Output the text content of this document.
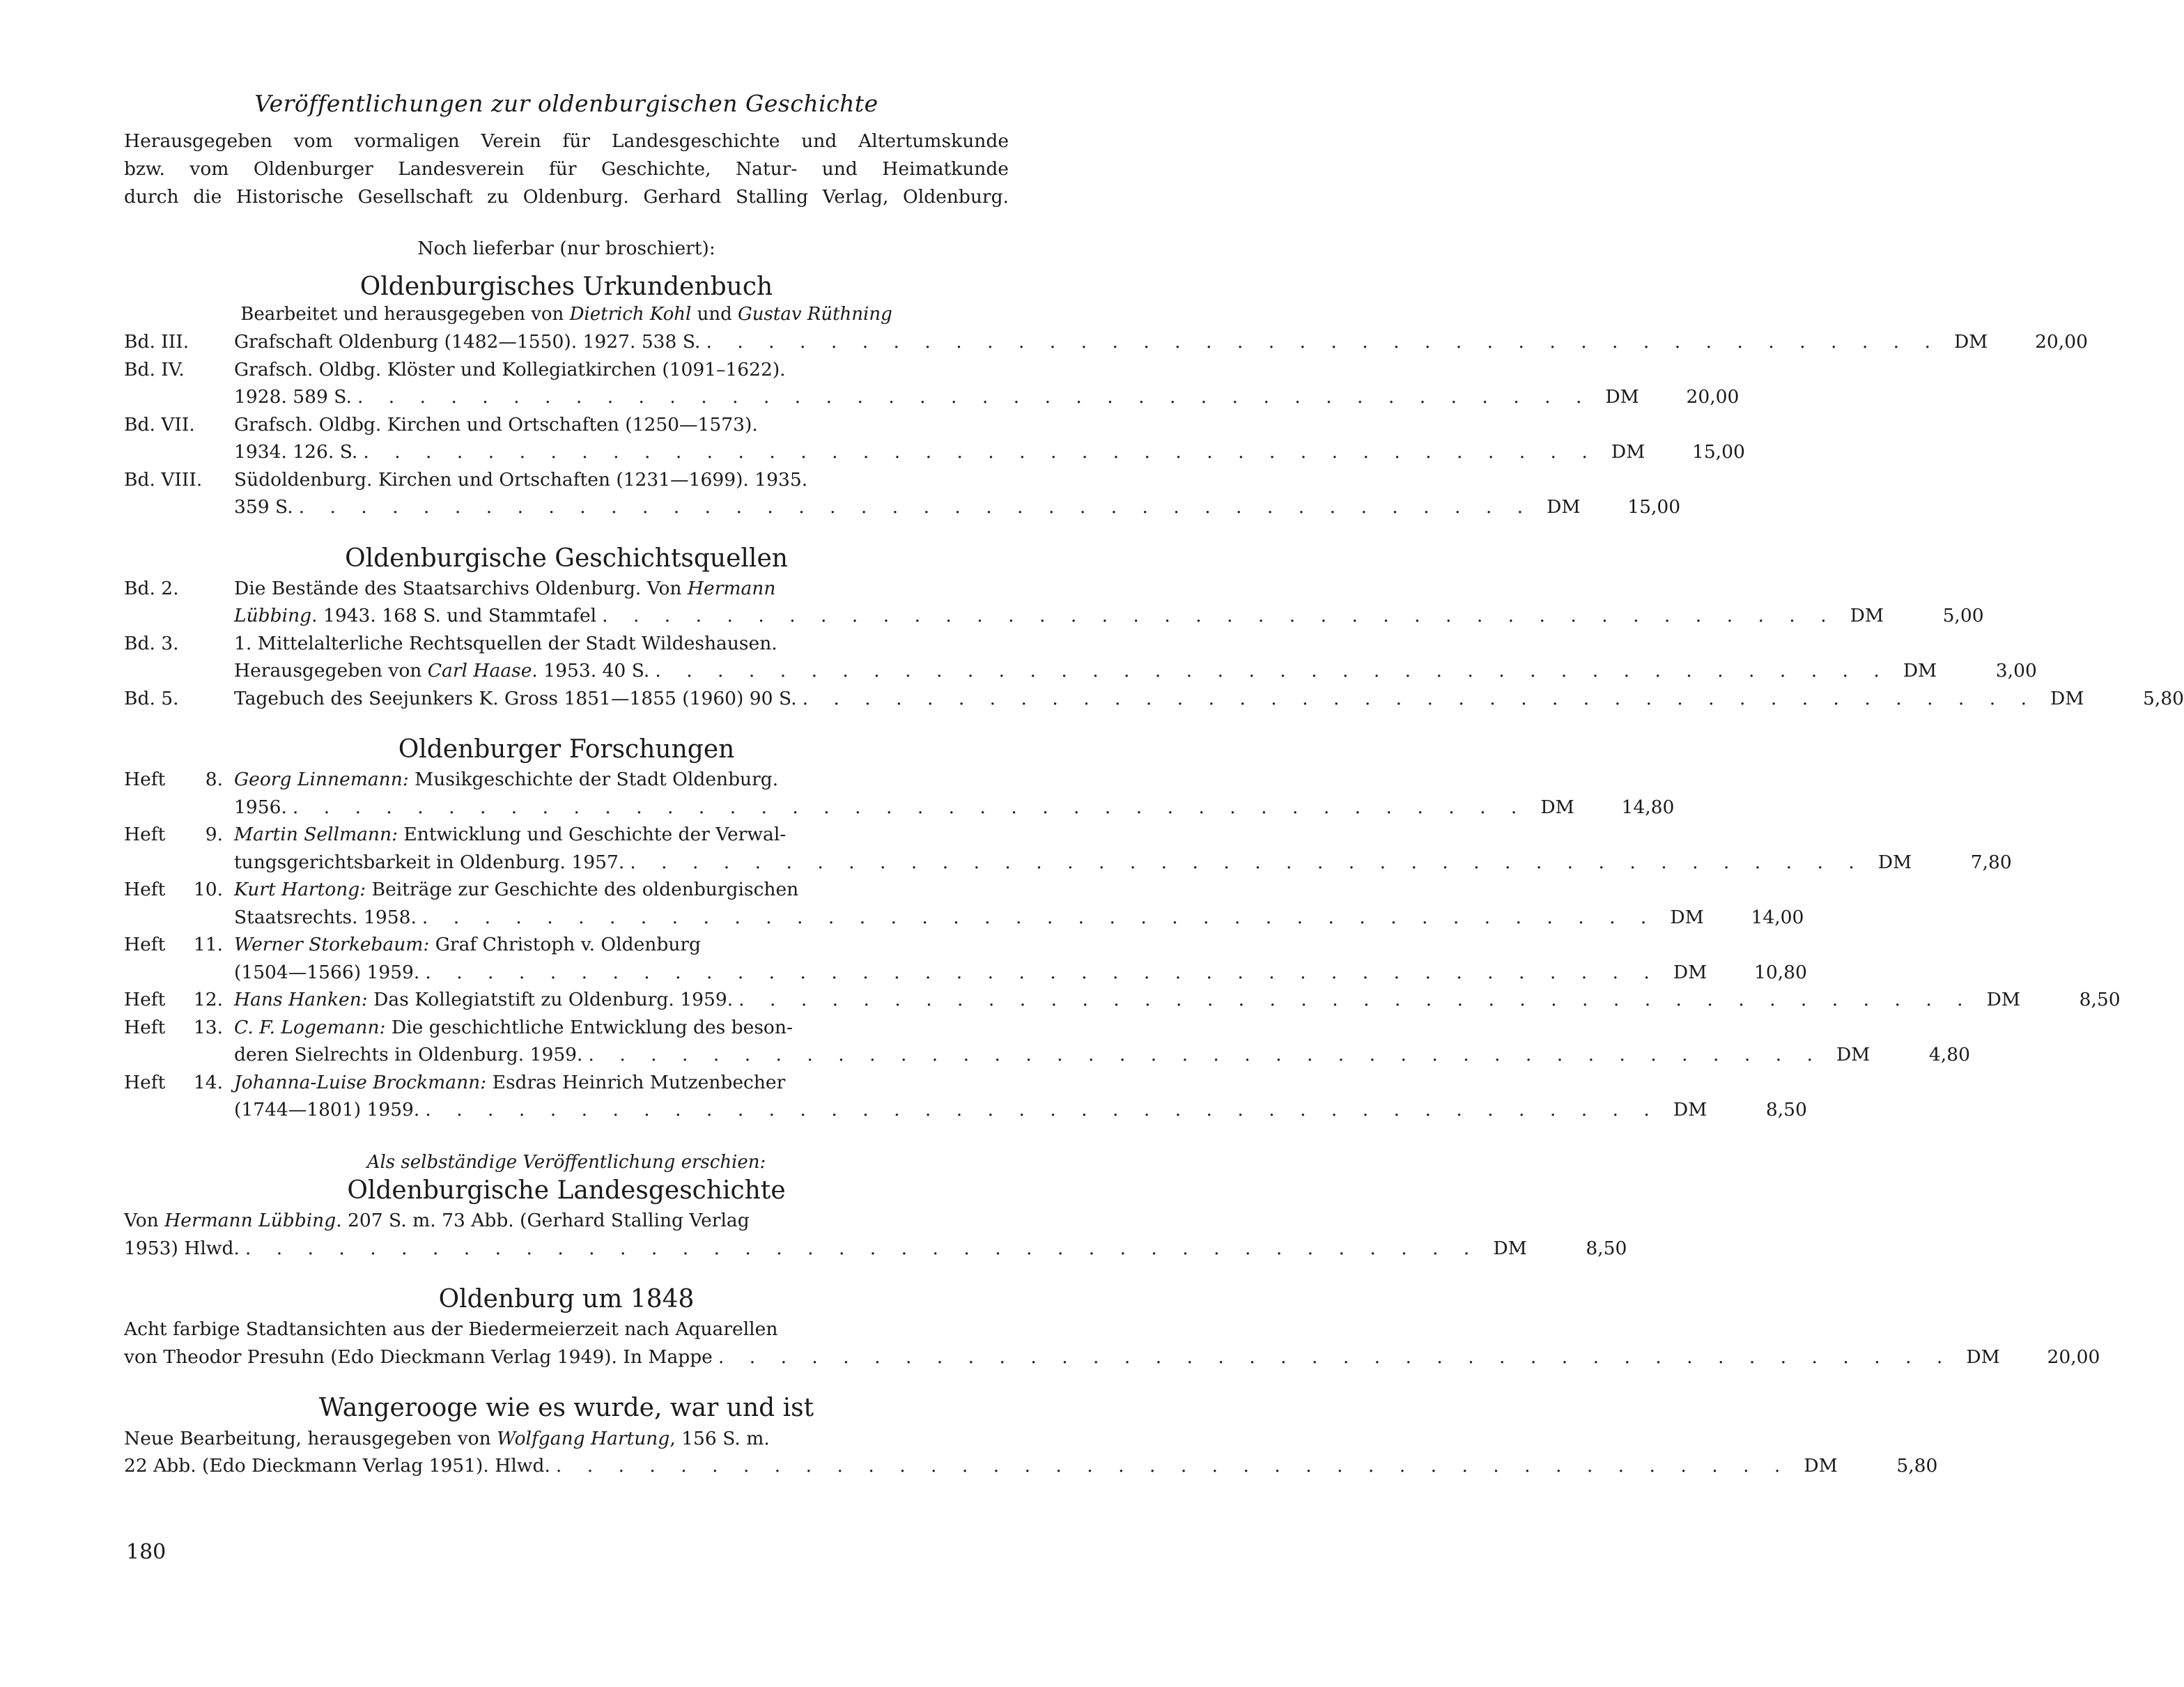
Veröffentlichungen zur oldenburgischen Geschichte
Herausgegeben vom vormaligen Verein für Landesgeschichte und Altertumskunde
bzw. vom Oldenburger Landesverein für Geschichte, Natur- und Heimatkunde
durch die Historische Gesellschaft zu Oldenburg. Gerhard Stalling Verlag, Oldenburg.
Noch lieferbar (nur broschiert):
Oldenburgisches Urkundenbuch
Bearbeitet und herausgegeben von Dietrich Kohl und Gustav Rüthning
Bd. III.	Grafschaft Oldenburg (1482—1550). 1927. 538 S. . . . . . . . . . . . . . . . . . . . . . . . . . . . . . . . . . . . . . . . . DM	20,00
Bd. IV.	Grafsch. Oldbg. Klöster und Kollegiatkirchen (1091–1622).
1928. 589 S. . . . . . . . . . . . . . . . . . . . . . . . . . . . . . . . . . . . . . . . . DM	20,00
Bd. VII.	Grafsch. Oldbg. Kirchen und Ortschaften (1250—1573).
1934. 126. S. . . . . . . . . . . . . . . . . . . . . . . . . . . . . . . . . . . . . . . . . DM	15,00
Bd. VIII.	Südoldenburg. Kirchen und Ortschaften (1231—1699). 1935.
359 S. . . . . . . . . . . . . . . . . . . . . . . . . . . . . . . . . . . . . . . . . DM	15,00
Oldenburgische Geschichtsquellen
Bd. 2.	Die Bestände des Staatsarchivs Oldenburg. Von Hermann
Lübbing. 1943. 168 S. und Stammtafel . . . . . . . . . . . . . . . . . . . . . . . . . . . . . . . . . . . . . . . . DM	5,00
Bd. 3.	1. Mittelalterliche Rechtsquellen der Stadt Wildeshausen.
Herausgegeben von Carl Haase. 1953. 40 S. . . . . . . . . . . . . . . . . . . . . . . . . . . . . . . . . . . . . . . . . DM	3,00
Bd. 5.	Tagebuch des Seejunkers K. Gross 1851—1855 (1960) 90 S. . . . . . . . . . . . . . . . . . . . . . . . . . . . . . . . . . . . . . . . . DM	5,80
Oldenburger Forschungen
Heft	8. Georg Linnemann: Musikgeschichte der Stadt Oldenburg.
1956. . . . . . . . . . . . . . . . . . . . . . . . . . . . . . . . . . . . . . . . . DM	14,80
Heft	9. Martin Sellmann: Entwicklung und Geschichte der Verwal-
tungsgerichtsbarkeit in Oldenburg. 1957. . . . . . . . . . . . . . . . . . . . . . . . . . . . . . . . . . . . . . . . . DM	7,80
Heft	10. Kurt Hartong: Beiträge zur Geschichte des oldenburgischen
Staatsrechts. 1958. . . . . . . . . . . . . . . . . . . . . . . . . . . . . . . . . . . . . . . . . DM	14,00
Heft	11. Werner Storkebaum: Graf Christoph v. Oldenburg
(1504—1566) 1959. . . . . . . . . . . . . . . . . . . . . . . . . . . . . . . . . . . . . . . . . DM	10,80
Heft	12. Hans Hanken: Das Kollegiatstift zu Oldenburg. 1959. . . . . . . . . . . . . . . . . . . . . . . . . . . . . . . . . . . . . . . . . DM	8,50
Heft	13. C. F. Logemann: Die geschichtliche Entwicklung des beson-
deren Sielrechts in Oldenburg. 1959. . . . . . . . . . . . . . . . . . . . . . . . . . . . . . . . . . . . . . . . . DM	4,80
Heft	14. Johanna-Luise Brockmann: Esdras Heinrich Mutzenbecher
(1744—1801) 1959. . . . . . . . . . . . . . . . . . . . . . . . . . . . . . . . . . . . . . . . . DM	8,50
Als selbständige Veröffentlichung erschien:
Oldenburgische Landesgeschichte
Von Hermann Lübbing. 207 S. m. 73 Abb. (Gerhard Stalling Verlag
1953) Hlwd. . . . . . . . . . . . . . . . . . . . . . . . . . . . . . . . . . . . . . . . . DM	8,50
Oldenburg um 1848
Acht farbige Stadtansichten aus der Biedermeierzeit nach Aquarellen
von Theodor Presuhn (Edo Dieckmann Verlag 1949). In Mappe . . . . . . . . . . . . . . . . . . . . . . . . . . . . . . . . . . . . . . . . DM	20,00
Wangerooge wie es wurde, war und ist
Neue Bearbeitung, herausgegeben von Wolfgang Hartung, 156 S. m.
22 Abb. (Edo Dieckmann Verlag 1951). Hlwd. . . . . . . . . . . . . . . . . . . . . . . . . . . . . . . . . . . . . . . . . DM	5,80
180
